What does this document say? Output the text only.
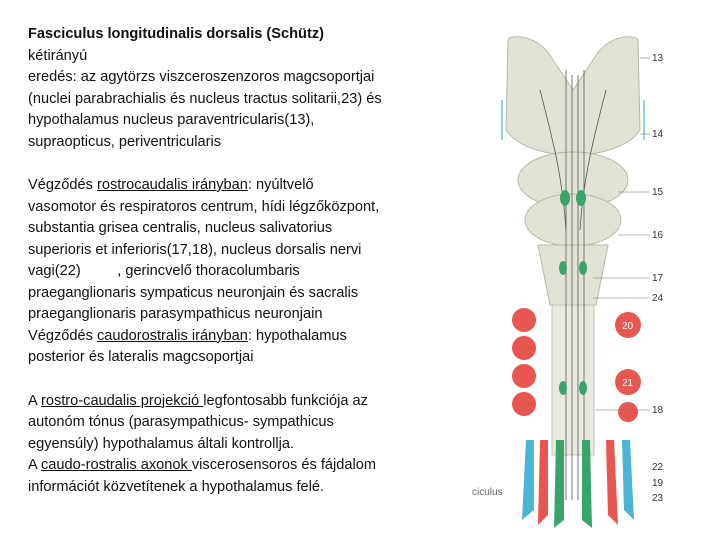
Fasciculus longitudinalis dorsalis (Schütz)

kétirányú

eredés: az agytörzs viszceroszenzoros magcsoportjai

(nuclei parabrachialis és nucleus tractus solitarii,23) és

hypothalamus nucleus paraventricularis(13),

supraopticus, periventricularis

Végződés rostrocaudalis irányban: nyúltvelő

vasomotor és respiratoros centrum, hídi légzőközpont,

substantia grisea centralis, nucleus salivatorius

superioris et inferioris(17,18), nucleus dorsalis nervi

vagi(22)         , gerincvelő thoracolumbaris

praeganglionaris sympaticus neuronjain és sacralis

praeganglionaris parasympathicus neuronjain

Végződés caudorostralis irányban: hypothalamus

posterior és lateralis magcsoportjai

A rostro-caudalis projekció legfontosabb funkciója az

autonóm tónus (parasympathicus- sympathicus

egyensúly) hypothalamus általi kontrollja.

A caudo-rostralis axonok viscerosensoros és fájdalom

információt közvetítenek a hypothalamus felé.

13
14
15
16
17
24
20
21
18
22
19
23
ciculus
